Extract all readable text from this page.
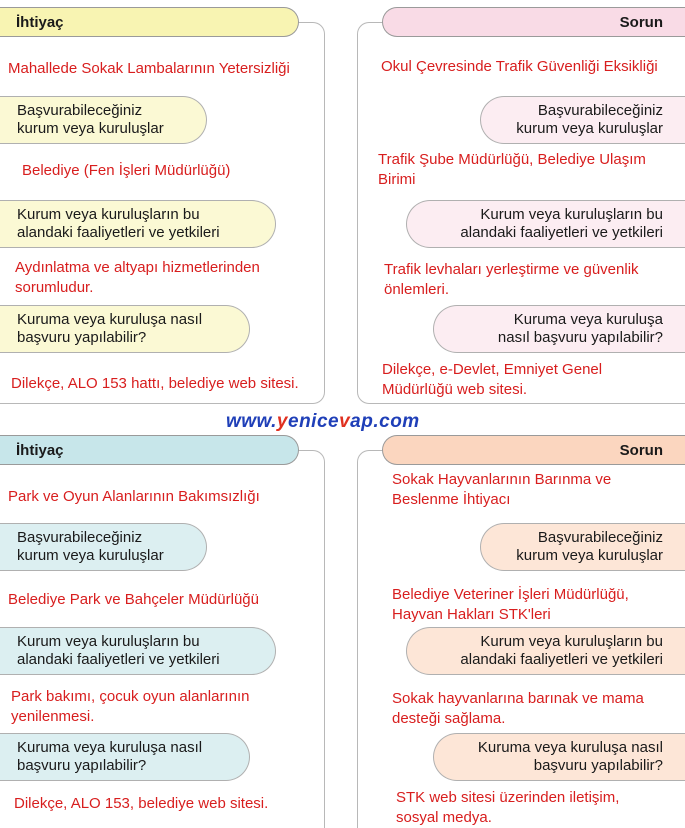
İhtiyaç
Mahallede Sokak Lambalarının Yetersizliği
Başvurabileceğiniz
kurum veya kuruluşlar
Belediye (Fen İşleri Müdürlüğü)
Kurum veya kuruluşların bu
alandaki faaliyetleri ve yetkileri
Aydınlatma ve altyapı hizmetlerinden
sorumludur.
Kuruma veya kuruluşa nasıl
başvuru yapılabilir?
Dilekçe, ALO 153 hattı, belediye web sitesi.
Sorun
Okul Çevresinde Trafik Güvenliği Eksikliği
Başvurabileceğiniz
kurum veya kuruluşlar
Trafik Şube Müdürlüğü, Belediye Ulaşım
Birimi
Kurum veya kuruluşların bu
alandaki faaliyetleri ve yetkileri
Trafik levhaları yerleştirme ve güvenlik
önlemleri.
Kuruma veya kuruluşa
nasıl başvuru yapılabilir?
Dilekçe, e-Devlet, Emniyet Genel
Müdürlüğü web sitesi.
www.yenicevap.com
İhtiyaç
Park ve Oyun Alanlarının Bakımsızlığı
Başvurabileceğiniz
kurum veya kuruluşlar
Belediye Park ve Bahçeler Müdürlüğü
Kurum veya kuruluşların bu
alandaki faaliyetleri ve yetkileri
Park bakımı, çocuk oyun alanlarının
yenilenmesi.
Kuruma veya kuruluşa nasıl
başvuru yapılabilir?
Dilekçe, ALO 153, belediye web sitesi.
Sorun
Sokak Hayvanlarının Barınma ve
Beslenme İhtiyacı
Başvurabileceğiniz
kurum veya kuruluşlar
Belediye Veteriner İşleri Müdürlüğü,
Hayvan Hakları STK'leri
Kurum veya kuruluşların bu
alandaki faaliyetleri ve yetkileri
Sokak hayvanlarına barınak ve mama
desteği sağlama.
Kuruma veya kuruluşa nasıl
başvuru yapılabilir?
STK web sitesi üzerinden iletişim,
sosyal medya.
